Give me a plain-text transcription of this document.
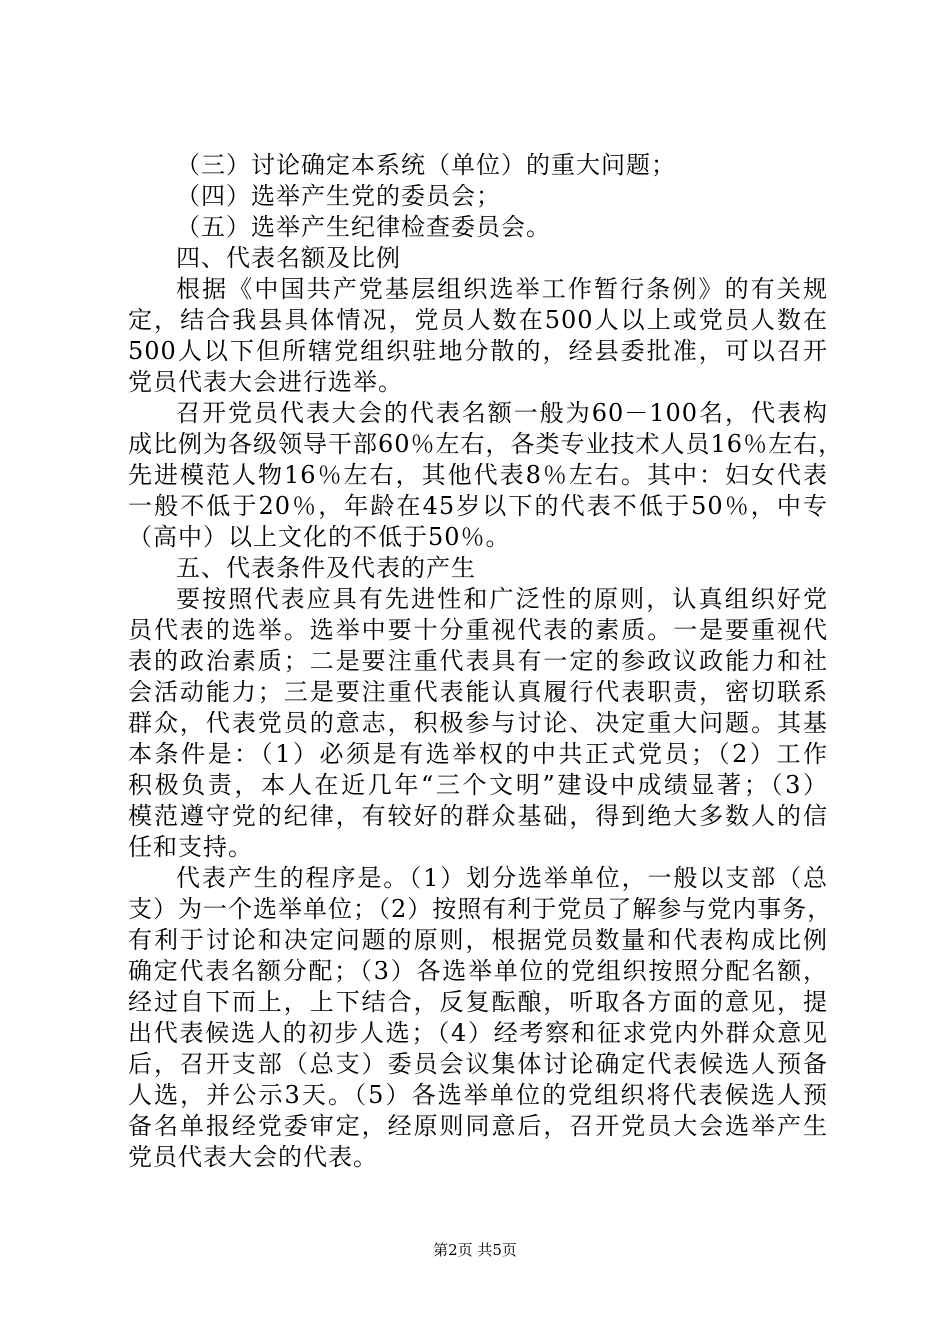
（三）讨论确定本系统（单位）的重大问题；
（四）选举产生党的委员会；
（五）选举产生纪律检查委员会。
四、代表名额及比例
根据《中国共产党基层组织选举工作暂行条例》的有关规
定，结合我县具体情况，党员人数在500人以上或党员人数在
500人以下但所辖党组织驻地分散的，经县委批准，可以召开
党员代表大会进行选举。
召开党员代表大会的代表名额一般为60－100名，代表构
成比例为各级领导干部60％左右，各类专业技术人员16％左右，
先进模范人物16％左右，其他代表8％左右。其中：妇女代表
一般不低于20％，年龄在45岁以下的代表不低于50％，中专
（高中）以上文化的不低于50％。
五、代表条件及代表的产生
要按照代表应具有先进性和广泛性的原则，认真组织好党
员代表的选举。选举中要十分重视代表的素质。一是要重视代
表的政治素质；二是要注重代表具有一定的参政议政能力和社
会活动能力；三是要注重代表能认真履行代表职责，密切联系
群众，代表党员的意志，积极参与讨论、决定重大问题。其基
本条件是：（1）必须是有选举权的中共正式党员；（2）工作
积极负责，本人在近几年“三个文明”建设中成绩显著；（3）
模范遵守党的纪律，有较好的群众基础，得到绝大多数人的信
任和支持。
代表产生的程序是。（1）划分选举单位，一般以支部（总
支）为一个选举单位；（2）按照有利于党员了解参与党内事务，
有利于讨论和决定问题的原则，根据党员数量和代表构成比例
确定代表名额分配；（3）各选举单位的党组织按照分配名额，
经过自下而上，上下结合，反复酝酿，听取各方面的意见，提
出代表候选人的初步人选；（4）经考察和征求党内外群众意见
后，召开支部（总支）委员会议集体讨论确定代表候选人预备
人选，并公示3天。（5）各选举单位的党组织将代表候选人预
备名单报经党委审定，经原则同意后，召开党员大会选举产生
党员代表大会的代表。
第2页 共5页
